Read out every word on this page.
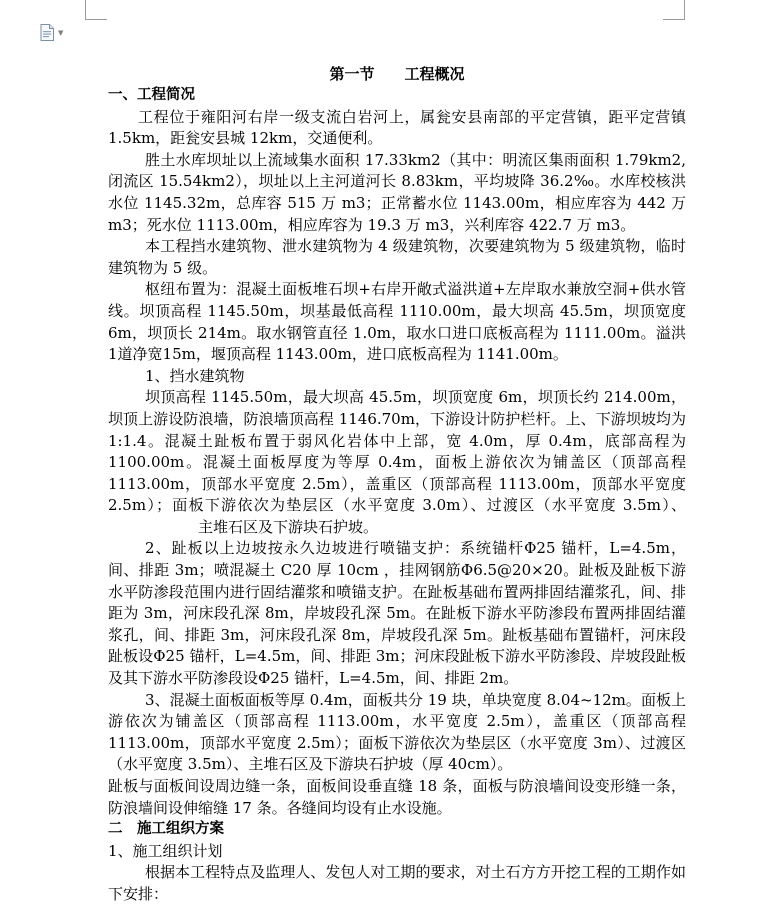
▼

第一节　　工程概况

一、工程简况

工程位于雍阳河右岸一级支流白岩河上，属瓮安县南部的平定营镇，距平定营镇 1.5km，距瓮安县城 12km，交通便利。

胜土水库坝址以上流域集水面积 17.33km2（其中：明流区集雨面积 1.79km2, 闭流区 15.54km2），坝址以上主河道河长 8.83km，平均坡降 36.2‰。水库校核洪水位 1145.32m，总库容 515 万 m3；正常蓄水位 1143.00m，相应库容为 442 万 m3；死水位 1113.00m，相应库容为 19.3 万 m3，兴利库容 422.7 万 m3。

本工程挡水建筑物、泄水建筑物为 4 级建筑物，次要建筑物为 5 级建筑物，临时建筑物为 5 级。

枢纽布置为：混凝土面板堆石坝+右岸开敞式溢洪道+左岸取水兼放空洞+供水管线。坝顶高程 1145.50m，坝基最低高程 1110.00m，最大坝高 45.5m，坝顶宽度 6m，坝顶长 214m。取水钢管直径 1.0m，取水口进口底板高程为 1111.00m。溢洪1道净宽15m，堰顶高程 1143.00m，进口底板高程为 1141.00m。

1、挡水建筑物

坝顶高程 1145.50m，最大坝高 45.5m，坝顶宽度 6m，坝顶长约 214.00m，坝顶上游设防浪墙，防浪墙顶高程 1146.70m，下游设计防护栏杆。上、下游坝坡均为 1:1.4。混凝土趾板布置于弱风化岩体中上部，宽 4.0m，厚 0.4m，底部高程为 1100.00m。混凝土面板厚度为等厚 0.4m，面板上游依次为铺盖区（顶部高程 1113.00m，顶部水平宽度 2.5m），盖重区（顶部高程 1113.00m，顶部水平宽度 2.5m）；面板下游依次为垫层区（水平宽度 3.0m）、过渡区（水平宽度 3.5m）、主堆石区及下游块石护坡。

2、趾板以上边坡按永久边坡进行喷锚支护：系统锚杆Φ25 锚杆，L=4.5m，间、排距 3m；喷混凝土 C20 厚 10cm ，挂网钢筋Φ6.5@20×20。趾板及趾板下游水平防渗段范围内进行固结灌浆和喷锚支护。在趾板基础布置两排固结灌浆孔，间、排距为 3m，河床段孔深 8m，岸坡段孔深 5m。在趾板下游水平防渗段布置两排固结灌浆孔，间、排距 3m，河床段孔深 8m，岸坡段孔深 5m。趾板基础布置锚杆，河床段趾板设Φ25 锚杆，L=4.5m，间、排距 3m；河床段趾板下游水平防渗段、岸坡段趾板及其下游水平防渗段设Φ25 锚杆，L=4.5m，间、排距 2m。

3、混凝土面板面板等厚 0.4m，面板共分 19 块，单块宽度 8.04~12m。面板上游依次为铺盖区（顶部高程 1113.00m，水平宽度 2.5m），盖重区（顶部高程 1113.00m，顶部水平宽度 2.5m）；面板下游依次为垫层区（水平宽度 3m）、过渡区（水平宽度 3.5m）、主堆石区及下游块石护坡（厚 40cm）。

趾板与面板间设周边缝一条，面板间设垂直缝 18 条，面板与防浪墙间设变形缝一条，防浪墙间设伸缩缝 17 条。各缝间均设有止水设施。

二　施工组织方案

1、施工组织计划

根据本工程特点及监理人、发包人对工期的要求，对土石方方开挖工程的工期作如下安排：
